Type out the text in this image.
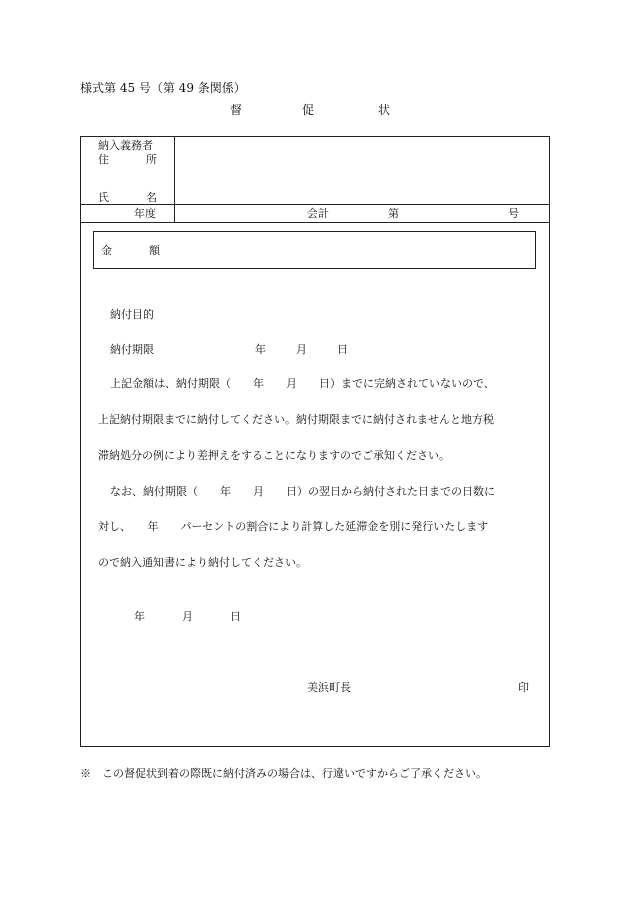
様式第 45 号（第 49 条関係）
督	促	状
納入義務者
住	所
氏	名
年度	会計	第	号
金	額
納付目的
納付期限	年	月	日
上記金額は、納付期限（　　年　　月　　日）までに完納されていないので、
上記納付期限までに納付してください。納付期限までに納付されませんと地方税
滞納処分の例により差押えをすることになりますのでご承知ください。
なお、納付期限（　　年　　月　　日）の翌日から納付された日までの日数に
対し、　　年　　パーセントの割合により計算した延滞金を別に発行いたします
ので納入通知書により納付してください。
年	月	日
美浜町長	印
※　この督促状到着の際既に納付済みの場合は、行違いですからご了承ください。
